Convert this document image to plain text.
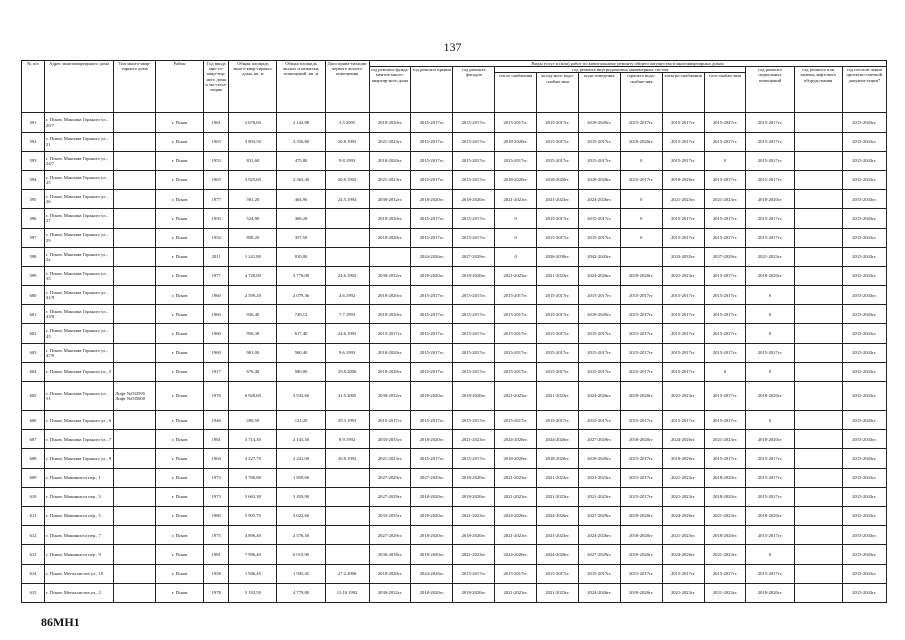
137
№ п/п	Адрес многоквартирного дома	Тип много-квар-тирного дома	Район	Год ввода мно-го-квар-тир-ного дома в экс-плуа-тацию	Общая площадь много-квар-тирного дома, кв. м	Общая площадь жилых и нежилых помещений, кв. м	Дата прива-тизации первого жилого помещения	Виды услуг и (или) работ по капитальному ремонту общего имущества в многоквартирных домах											
								год ремонта фунда-ментов много-квартир-ного дома	год ремонта крыши	год ремонта фасадов	год ремонта внутридомовых инженерных систем						год ремонта подвальных помещений	год ремонта или замены лифтового оборудо-вания	год изготов-ления проектно-сметной докумен-тации*
											тепло-снабжения	холод-ного водо-снабже-ния	водо-отведения	горячего водо-снабже-ния	электро-снабжения	газо-снабже-ния			
591	г. Псков, Максима Горького ул., 20/7		г. Псков	1961	2 678,60	2 142,88	3.5.2005	2018-2020гг.	2015-2017гг.	2015-2017гг.	2015-2017гг.	2015-2017гг.	2018-2020гг.	2015-2017гг.	2015-2017гг.	2015-2047гг.	2015-2017гг.		2015-2043гг.
592	г. Псков, Максима Горького ул., 21		г. Псков	1965	3 893,50	2 356,80	20.8.1992	2021-2023гг.	2015-2017гг.	2015-2017гг.	2018-2020гг.	2015-2017гг.	2015-2017гг.	2018-2020гг.	2015-2017гг.	2015-2017гг.	2015-2017гг.		2015-2043гг.
593	г. Псков, Максима Горького ул., 24/7		г. Псков	1953	831,60	475,80	9.8.1993	2018-2020гг.	2015-2017гг.	2015-2017гг.	2015-2017гг.	2015-2017гг.	2015-2017гг.	0	2015-2017гг.	0	2015-2017гг.		2015-2043гг.
594	г. Псков, Максима Горького ул., 25		г. Псков	1965	3 925,60	2 363,40	20.8.1992	2021-2023гг.	2015-2017гг.	2015-2017гг.	2018-2020гг.	2018-2020гг.	2018-2020гг.	2015-2017гг.	2018-2020гг.	2015-2017гг.	2015-2017гг.		2015-2043гг.
595	г. Псков, Максима Горького ул., 26		г. Псков	1977	581,20	464,96	24.5.1994	2030-2032гг.	2018-2020гг.	2018-2020гг.	2021-2023гг.	2021-2023гг.	2024-2026гг.	0	2021-2023гг.	2021-2023гг.	2018-2020гг.		2015-2043гг.
596	г. Псков, Максима Горького ул., 27		г. Псков	1950	524,90	368,20		2018-2020гг.	2015-2017гг.	2015-2017гг.	0	2015-2017гг.	2015-2017гг.	0	2015-2017гг.	2015-2017гг.	2015-2017гг.		2015-2043гг.
597	г. Псков, Максима Горького ул., 29		г. Псков	1954	858,20	357,50		2018-2020гг.	2015-2017гг.	2015-2017гг.	0	2015-2017гг.	2015-2017гг.	0	2015-2017гг.	2015-2017гг.	2015-2017гг.		2015-2043гг.
598	г. Псков, Максима Горького ул., 2а		г. Псков	2011	1 241,80	810,00			2024-2026гг.	2027-2029гг.	0	2036-2038гг.	2042-2043гг.		2033-2035гг.	2027-2029гг.	2021-2023гг.		2015-2043гг.
599	г. Псков, Максима Горького ул., 35		г. Псков	1977	4 720,00	3 776,00	24.6.1992	2030-2032гг.	2018-2020гг.	2018-2020гг.	2021-2023гг.	2021-2023гг.	2024-2026гг.	2018-2020гг.	2021-2023гг.	2015-2017гг.	2018-2020гг.		2015-2043гг.
600	г. Псков, Максима Горького ул., 41/9		г. Псков	1960	2 599,20	2 079,36	4.6.1992	2018-2020гг.	2015-2017гг.	2015-2017гг.	2015-2017гг.	2015-2017гг.	2015-2017гг.	2015-2017гг.	2015-2017гг.	2015-2017гг.	0		2015-2043гг.
601	г. Псков, Максима Горького ул., 43/8		г. Псков	1960	936,40	749,12	7.7.1993	2018-2020гг.	2015-2017гг.	2015-2017гг.	2015-2017гг.	2015-2017гг.	2018-2020гг.	2015-2017гг.	2015-2017гг.	2015-2017гг.	0		2015-2043гг.
602	г. Псков, Максима Горького ул., 45		г. Псков	1960	956,30	617,40	24.6.1992	2015-2017гг.	2015-2017гг.	2015-2017гг.	2015-2017гг.	2015-2017гг.	2015-2017гг.	2015-2017гг.	2015-2017гг.	2015-2017гг.	0		2015-2043гг.
603	г. Псков, Максима Горького ул., 47/9		г. Псков	1960	901,00	560,40	9.6.1993	2018-2020гг.	2015-2017гг.	2015-2017гг.	2015-2017гг.	2015-2017гг.	2015-2017гг.	2015-2017гг.	2015-2017гг.	2015-2017гг.	2015-2017гг.		2015-2043гг.
604	г. Псков, Максима Горького ул., 5		г. Псков	1917	676,40	580,00	29.8.2006	2018-2020гг.	2015-2017гг.	2015-2017гг.	2015-2017гг.	2015-2017гг.	2015-2017гг.	2015-2017гг.	2015-2017гг.	0	0		2015-2043гг.
605	г. Псков, Максима Горького ул., 51	Лифт №033595 Лифт №035600	г. Псков	1976	6 928,60	3 932,60	31.5.2005	2030-2032гг.	2018-2020гг.	2018-2020гг.	2021-2023гг.	2021-2023гг.	2024-2026гг.	2018-2020гг.	2021-2023гг.	2015-2017гг.	2018-2020гг.		2015-2043гг.
606	г. Псков, Максима Горького ул., 6		г. Псков	1946	200,50	121,20	29.3.1993	2015-2017гг.	2015-2017гг.	2015-2017гг.	2015-2017гг.	2015-2017гг.	2015-2017гг.	2015-2017гг.	2015-2017гг.	2015-2017гг.	0		2015-2043гг.
607	г. Псков, Максима Горького ул., 7		г. Псков	1981	3 714,30	2 143,50	8.9.1992	2033-2035гг.	2018-2020гг.	2021-2023гг.	2024-2026гг.	2024-2026гг.	2027-2029гг.	2018-2020гг.	2024-2026гг.	2021-2023гг.	2018-2020гг.		2015-2043гг.
608	г. Псков, Максима Горького ул., 9		г. Псков	1964	3 227,70	2 241,00	20.8.1992	2021-2023гг.	2015-2017гг.	2015-2017гг.	2018-2020гг.	2018-2020гг.	2018-2020гг.	2015-2017гг.	2018-2020гг.	2015-2017гг.	2015-2017гг.		2015-2043гг.
609	г. Псков, Машиниста пер., 1		г. Псков	1973	3 706,80	1 859,60		2027-2029гг.	2027-2029гг.	2018-2020гг.	2021-2023гг.	2021-2023гг.	2021-2023гг.	2015-2017гг.	2021-2023гг.	2018-2020гг.	2015-2017гг.		2015-2043гг.
610	г. Псков, Машиниста пер., 3		г. Псков	1973	5 663,30	3 459,90		2027-2029гг.	2018-2020гг.	2018-2020гг.	2021-2023гг.	2021-2023гг.	2021-2023гг.	2015-2017гг.	2021-2023гг.	2018-2020гг.	2015-2017гг.		2015-2043гг.
611	г. Псков, Машиниста пер., 5		г. Псков	1980	5 905,70	3 623,60		2033-2035гг.	2018-2020гг.	2021-2023гг.	2024-2026гг.	2024-2026гг.	2027-2029гг.	2018-2020гг.	2024-2026гг.	2021-2023гг.	2018-2020гг.		2015-2043гг.
612	г. Псков, Машиниста пер., 7		г. Псков	1975	4 896,40	2 576,50		2027-2029гг.	2018-2020гг.	2018-2020гг.	2021-2023гг.	2021-2023гг.	2024-2026гг.	2018-2020гг.	2021-2023гг.	2018-2020гг.	2015-2017гг.		2015-2043гг.
613	г. Псков, Машиниста пер., 9		г. Псков	1981	7 996,40	6 015,90		2036-2038гг.	2018-2020гг.	2021-2023гг.	2024-2026гг.	2024-2026гг.	2027-2029гг.	2018-2020гг.	2024-2026гг.	2021-2023гг.	0		2015-2043гг.
614	г. Псков, Металлистов ул., 10		г. Псков	1958	1 946,45	1 945,45	27.2.2006	2018-2020гг.	2024-2026гг.	2015-2017гг.	2015-2017гг.	2015-2017гг.	2015-2017гг.	2015-2017гг.	2015-2017гг.	2015-2017гг.	2015-2017гг.		2015-2043гг.
615	г. Псков, Металлистов ул., 2		г. Псков	1978	5 192,50	4 779,80	13.10.1992	2030-2032гг.	2018-2020гг.	2018-2020гг.	2021-2023гг.	2021-2023гг.	2024-2026гг.	2018-2020гг.	2021-2023гг.	2021-2023гг.	2018-2020гг.		2015-2043гг.
86МН1
